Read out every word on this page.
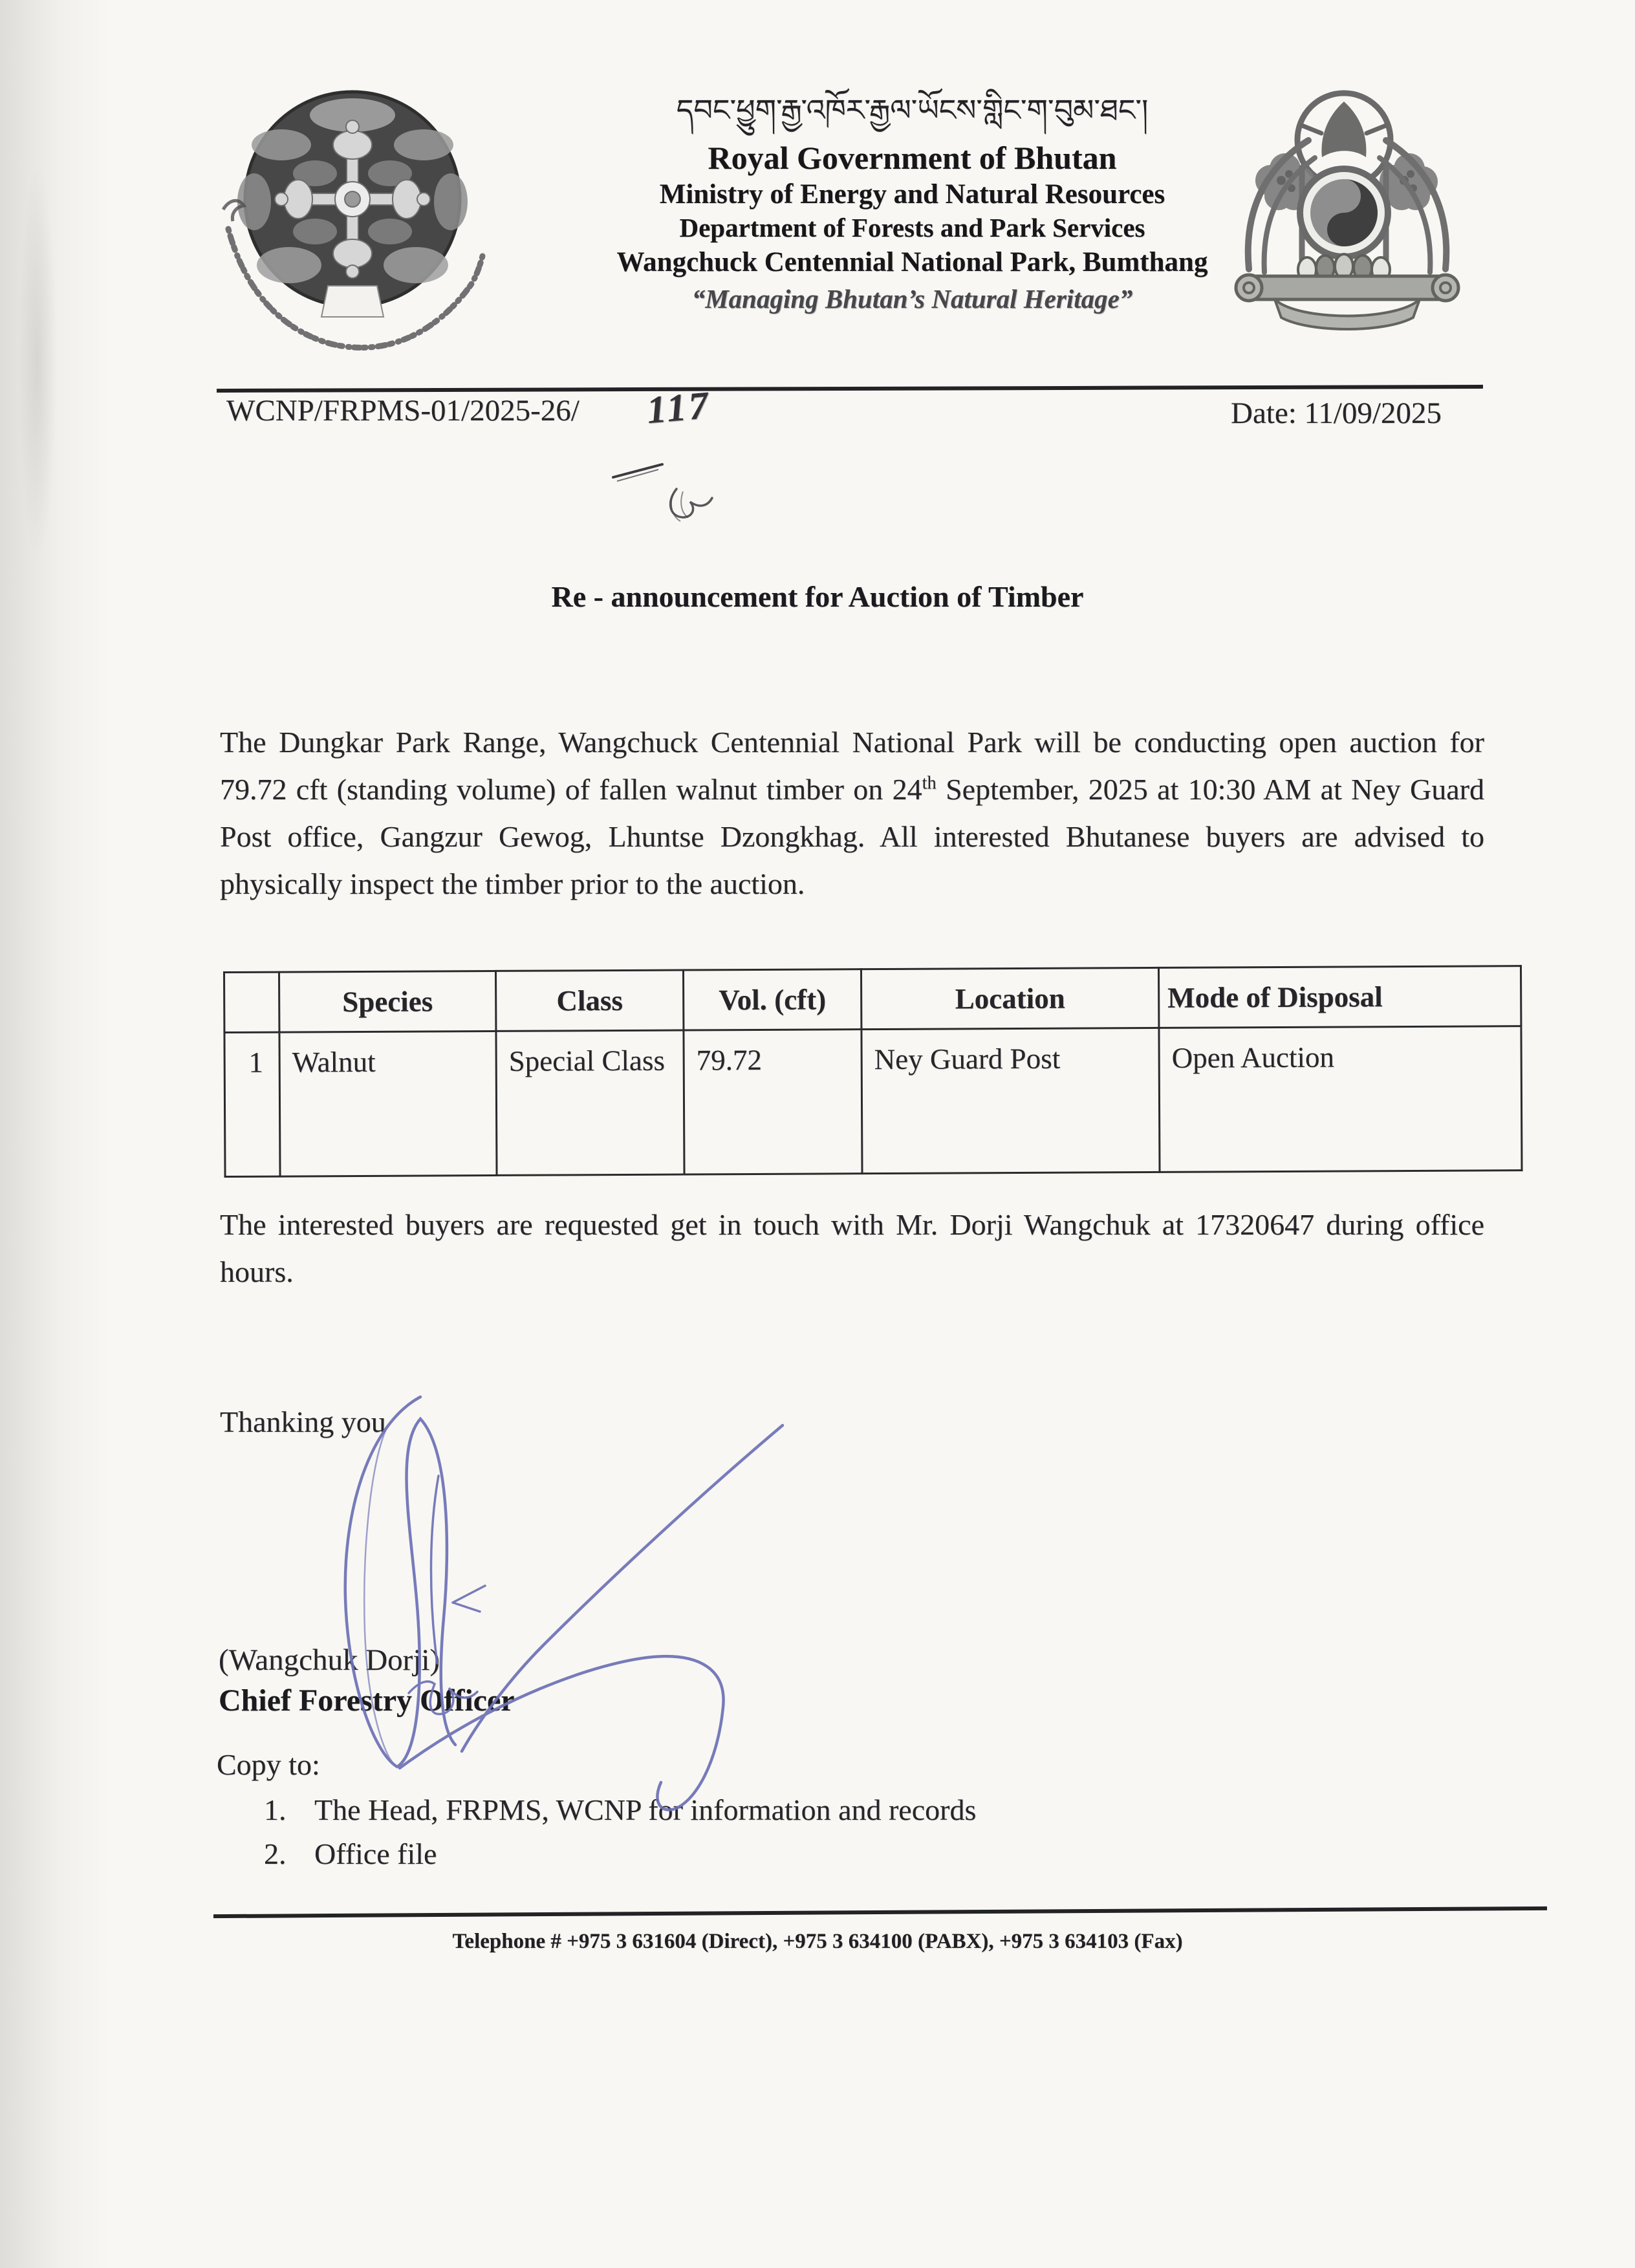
དབང་ཕྱུག་རྒྱ་འཁོར་རྒྱལ་ཡོངས་གླིང་ག་བུམ་ཐང་།
Royal Government of Bhutan
Ministry of Energy and Natural Resources
Department of Forests and Park Services
Wangchuck Centennial National Park, Bumthang
“Managing Bhutan’s Natural Heritage”
WCNP/FRPMS-01/2025-26/ 117	Date: 11/09/2025
Re - announcement for Auction of Timber

The Dungkar Park Range, Wangchuck Centennial National Park will be conducting open auction for 79.72 cft (standing volume) of fallen walnut timber on 24th September, 2025 at 10:30 AM at Ney Guard Post office, Gangzur Gewog, Lhuntse Dzongkhag. All interested Bhutanese buyers are advised to physically inspect the timber prior to the auction.

	Species	Class	Vol. (cft)	Location	Mode of Disposal
1	Walnut	Special Class	79.72	Ney Guard Post	Open Auction

The interested buyers are requested get in touch with Mr. Dorji Wangchuk at 17320647 during office hours.

Thanking you
(Wangchuk Dorji)
Chief Forestry Officer
Copy to:
1. The Head, FRPMS, WCNP for information and records
2. Office file
Telephone # +975 3 631604 (Direct), +975 3 634100 (PABX), +975 3 634103 (Fax)
